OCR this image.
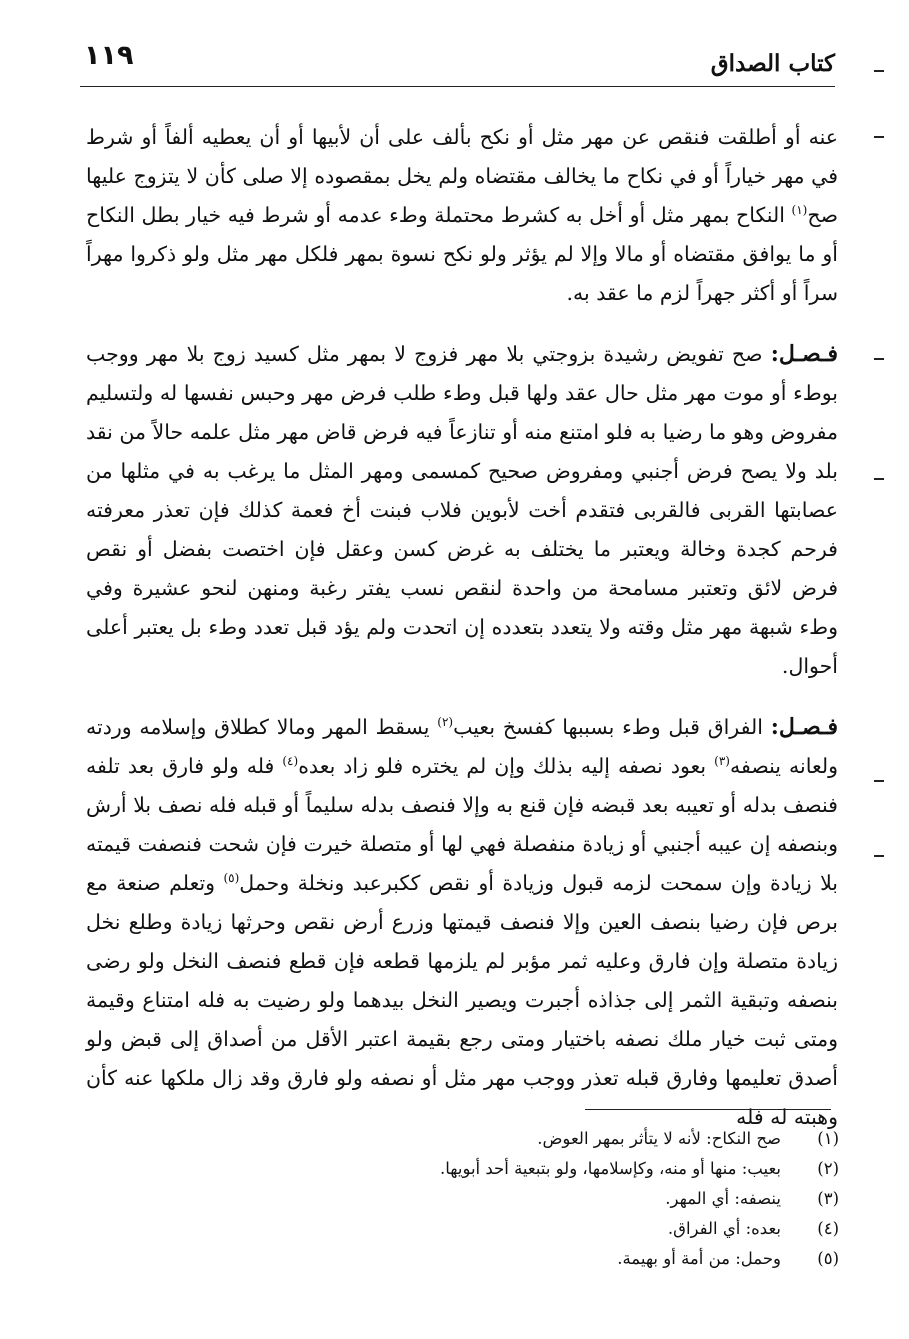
١١٩	كتاب الصداق

عنه أو أطلقت فنقص عن مهر مثل أو نكح بألف على أن لأبيها أو أن يعطيه ألفاً أو شرط في مهر خياراً أو في نكاح ما يخالف مقتضاه ولم يخل بمقصوده إلا صلى كأن لا يتزوج عليها صح$^{(١)}$ النكاح بمهر مثل أو أخل به كشرط محتملة وطء عدمه أو شرط فيه خيار بطل النكاح أو ما يوافق مقتضاه أو مالا وإلا لم يؤثر ولو نكح نسوة بمهر فلكل مهر مثل ولو ذكروا مهراً سراً أو أكثر جهراً لزم ما عقد به.

فـصـل: صح تفويض رشيدة بزوجتي بلا مهر فزوج لا بمهر مثل كسيد زوج بلا مهر ووجب بوطء أو موت مهر مثل حال عقد ولها قبل وطء طلب فرض مهر وحبس نفسها له ولتسليم مفروض وهو ما رضيا به فلو امتنع منه أو تنازعاً فيه فرض قاض مهر مثل علمه حالاً من نقد بلد ولا يصح فرض أجنبي ومفروض صحيح كمسمى ومهر المثل ما يرغب به في مثلها من عصابتها القربى فالقربى فتقدم أخت لأبوين فلاب فبنت أخ فعمة كذلك فإن تعذر معرفته فرحم كجدة وخالة ويعتبر ما يختلف به غرض كسن وعقل فإن اختصت بفضل أو نقص فرض لائق وتعتبر مسامحة من واحدة لنقص نسب يفتر رغبة ومنهن لنحو عشيرة وفي وطء شبهة مهر مثل وقته ولا يتعدد بتعدده إن اتحدت ولم يؤد قبل تعدد وطء بل يعتبر أعلى أحوال.

فـصـل: الفراق قبل وطء بسببها كفسخ بعيب$^{(٢)}$ يسقط المهر ومالا كطلاق وإسلامه وردته ولعانه ينصفه$^{(٣)}$ بعود نصفه إليه بذلك وإن لم يختره فلو زاد بعده$^{(٤)}$ فله ولو فارق بعد تلفه فنصف بدله أو تعيبه بعد قبضه فإن قنع به وإلا فنصف بدله سليماً أو قبله فله نصف بلا أرش وبنصفه إن عيبه أجنبي أو زيادة منفصلة فهي لها أو متصلة خيرت فإن شحت فنصفت قيمته بلا زيادة وإن سمحت لزمه قبول وزيادة أو نقص ككبرعبد ونخلة وحمل$^{(٥)}$ وتعلم صنعة مع برص فإن رضيا بنصف العين وإلا فنصف قيمتها وزرع أرض نقص وحرثها زيادة وطلع نخل زيادة متصلة وإن فارق وعليه ثمر مؤبر لم يلزمها قطعه فإن قطع فنصف النخل ولو رضى بنصفه وتبقية الثمر إلى جذاذه أجبرت ويصير النخل بيدهما ولو رضيت به فله امتناع وقيمة ومتى ثبت خيار ملك نصفه باختيار ومتى رجع بقيمة اعتبر الأقل من أصداق إلى قبض ولو أصدق تعليمها وفارق قبله تعذر ووجب مهر مثل أو نصفه ولو فارق وقد زال ملكها عنه كأن وهبته له فله

(١)
صح النكاح: لأنه لا يتأثر بمهر العوض.
(٢)
بعيب: منها أو منه، وكإسلامها، ولو بتبعية أحد أبويها.
(٣)
ينصفه: أي المهر.
(٤)
بعده: أي الفراق.
(٥)
وحمل: من أمة أو بهيمة.
